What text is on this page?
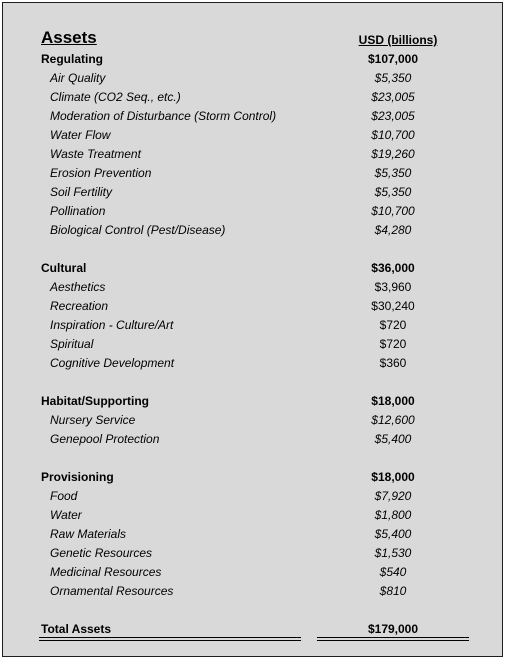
Assets	USD (billions)
Regulating	$107,000
Air Quality	$5,350
Climate (CO2 Seq., etc.)	$23,005
Moderation of Disturbance (Storm Control)	$23,005
Water Flow	$10,700
Waste Treatment	$19,260
Erosion Prevention	$5,350
Soil Fertility	$5,350
Pollination	$10,700
Biological Control (Pest/Disease)	$4,280
Cultural	$36,000
Aesthetics	$3,960
Recreation	$30,240
Inspiration - Culture/Art	$720
Spiritual	$720
Cognitive Development	$360
Habitat/Supporting	$18,000
Nursery Service	$12,600
Genepool Protection	$5,400
Provisioning	$18,000
Food	$7,920
Water	$1,800
Raw Materials	$5,400
Genetic Resources	$1,530
Medicinal Resources	$540
Ornamental Resources	$810
Total Assets	$179,000
